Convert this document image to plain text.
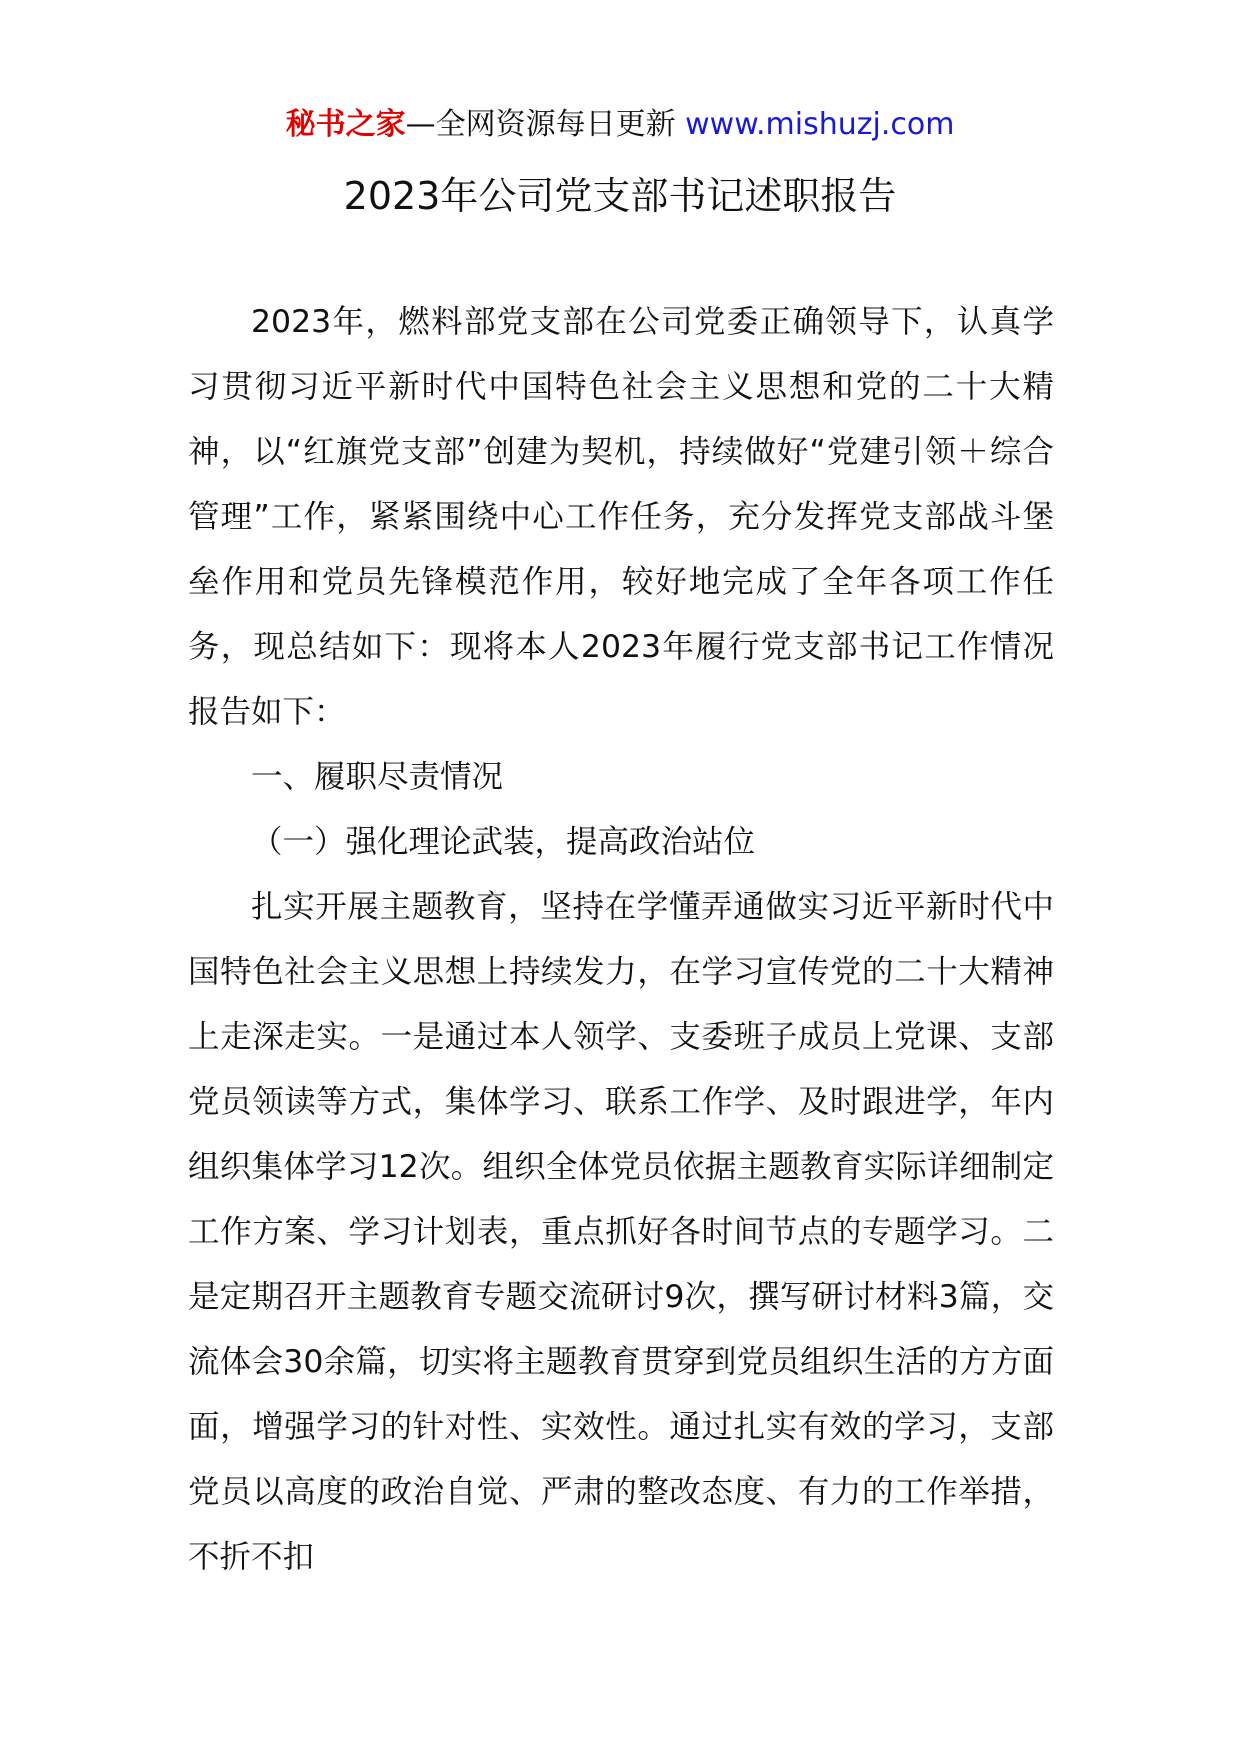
秘书之家—全网资源每日更新 www.mishuzj.com
2023年公司党支部书记述职报告

2023年，燃料部党支部在公司党委正确领导下，认真学习贯彻习近平新时代中国特色社会主义思想和党的二十大精神，以“红旗党支部”创建为契机，持续做好“党建引领＋综合管理”工作，紧紧围绕中心工作任务，充分发挥党支部战斗堡垒作用和党员先锋模范作用，较好地完成了全年各项工作任务，现总结如下：现将本人2023年履行党支部书记工作情况报告如下：

一、履职尽责情况

（一）强化理论武装，提高政治站位

扎实开展主题教育，坚持在学懂弄通做实习近平新时代中国特色社会主义思想上持续发力，在学习宣传党的二十大精神上走深走实。一是通过本人领学、支委班子成员上党课、支部党员领读等方式，集体学习、联系工作学、及时跟进学，年内组织集体学习12次。组织全体党员依据主题教育实际详细制定工作方案、学习计划表，重点抓好各时间节点的专题学习。二是定期召开主题教育专题交流研讨9次，撰写研讨材料3篇，交流体会30余篇，切实将主题教育贯穿到党员组织生活的方方面面，增强学习的针对性、实效性。通过扎实有效的学习，支部党员以高度的政治自觉、严肃的整改态度、有力的工作举措，不折不扣
